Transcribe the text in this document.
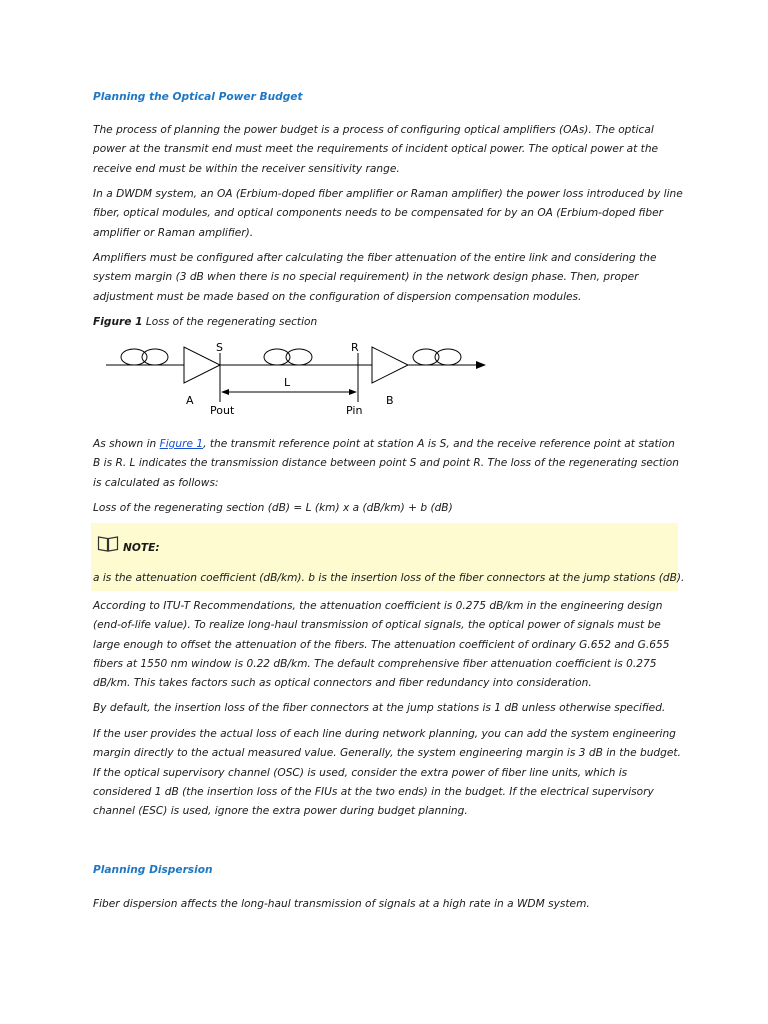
Planning the Optical Power Budget

The process of planning the power budget is a process of configuring optical amplifiers (OAs). The optical power at the transmit end must meet the requirements of incident optical power. The optical power at the receive end must be within the receiver sensitivity range.

In a DWDM system, an OA (Erbium-doped fiber amplifier or Raman amplifier) the power loss introduced by line fiber, optical modules, and optical components needs to be compensated for by an OA (Erbium-doped fiber amplifier or Raman amplifier).

Amplifiers must be configured after calculating the fiber attenuation of the entire link and considering the system margin (3 dB when there is no special requirement) in the network design phase. Then, proper adjustment must be made based on the configuration of dispersion compensation modules.

Figure 1 Loss of the regenerating section
S	R
L
A	B
Pout	Pin

As shown in Figure 1, the transmit reference point at station A is S, and the receive reference point at station B is R. L indicates the transmission distance between point S and point R. The loss of the regenerating section is calculated as follows:

Loss of the regenerating section (dB) = L (km) x a (dB/km) + b (dB)

NOTE:
a is the attenuation coefficient (dB/km). b is the insertion loss of the fiber connectors at the jump stations (dB).

According to ITU-T Recommendations, the attenuation coefficient is 0.275 dB/km in the engineering design (end-of-life value). To realize long-haul transmission of optical signals, the optical power of signals must be large enough to offset the attenuation of the fibers. The attenuation coefficient of ordinary G.652 and G.655 fibers at 1550 nm window is 0.22 dB/km. The default comprehensive fiber attenuation coefficient is 0.275 dB/km. This takes factors such as optical connectors and fiber redundancy into consideration.

By default, the insertion loss of the fiber connectors at the jump stations is 1 dB unless otherwise specified.

If the user provides the actual loss of each line during network planning, you can add the system engineering margin directly to the actual measured value. Generally, the system engineering margin is 3 dB in the budget. If the optical supervisory channel (OSC) is used, consider the extra power of fiber line units, which is considered 1 dB (the insertion loss of the FIUs at the two ends) in the budget. If the electrical supervisory channel (ESC) is used, ignore the extra power during budget planning.

Planning Dispersion

Fiber dispersion affects the long-haul transmission of signals at a high rate in a WDM system.
